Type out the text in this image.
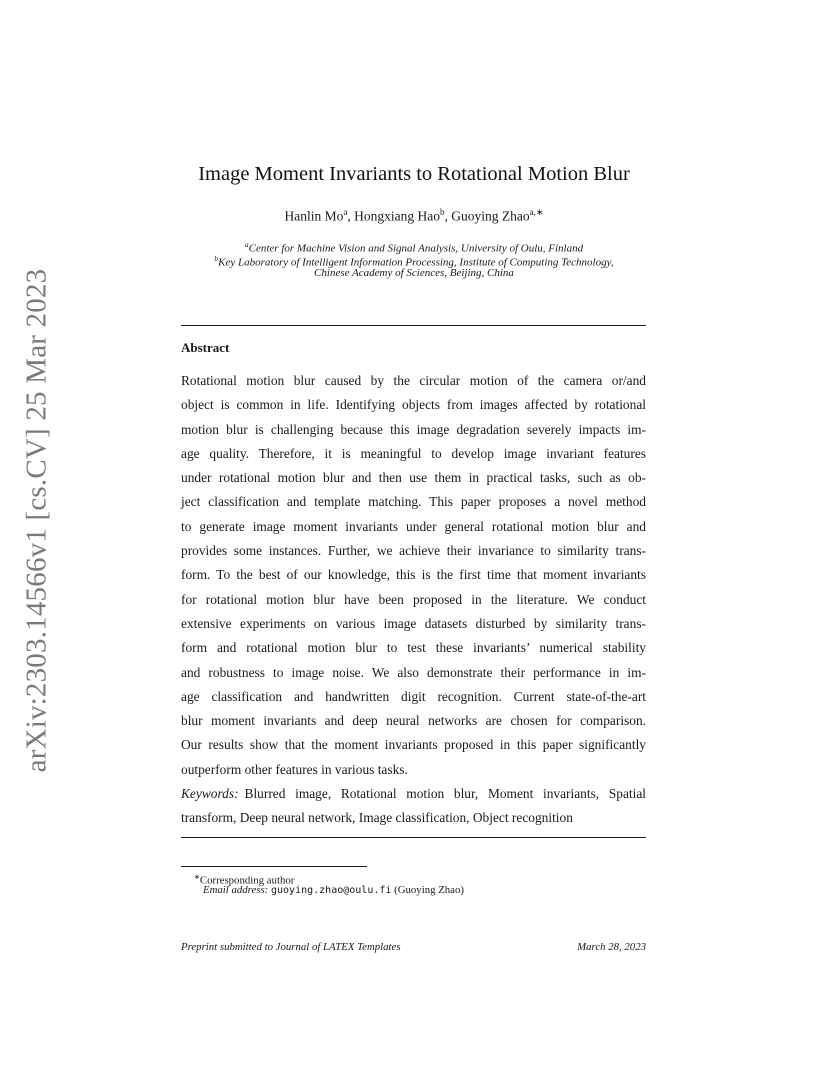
arXiv:2303.14566v1 [cs.CV] 25 Mar 2023
Image Moment Invariants to Rotational Motion Blur
Hanlin Mo$^a$, Hongxiang Hao$^b$, Guoying Zhao$^{a,∗}$
$^a$Center for Machine Vision and Signal Analysis, University of Oulu, Finland
$^b$Key Laboratory of Intelligent Information Processing, Institute of Computing Technology,
Chinese Academy of Sciences, Beijing, China
Abstract
Rotational motion blur caused by the circular motion of the camera or/and
object is common in life. Identifying objects from images affected by rotational
motion blur is challenging because this image degradation severely impacts im-
age quality. Therefore, it is meaningful to develop image invariant features
under rotational motion blur and then use them in practical tasks, such as ob-
ject classification and template matching. This paper proposes a novel method
to generate image moment invariants under general rotational motion blur and
provides some instances. Further, we achieve their invariance to similarity trans-
form. To the best of our knowledge, this is the first time that moment invariants
for rotational motion blur have been proposed in the literature. We conduct
extensive experiments on various image datasets disturbed by similarity trans-
form and rotational motion blur to test these invariants’ numerical stability
and robustness to image noise. We also demonstrate their performance in im-
age classification and handwritten digit recognition. Current state-of-the-art
blur moment invariants and deep neural networks are chosen for comparison.
Our results show that the moment invariants proposed in this paper significantly
outperform other features in various tasks.
Keywords: Blurred image, Rotational motion blur, Moment invariants, Spatial
transform, Deep neural network, Image classification, Object recognition
∗Corresponding author
Email address: guoying.zhao@oulu.fi (Guoying Zhao)
Preprint submitted to Journal of LATEX Templates	March 28, 2023
